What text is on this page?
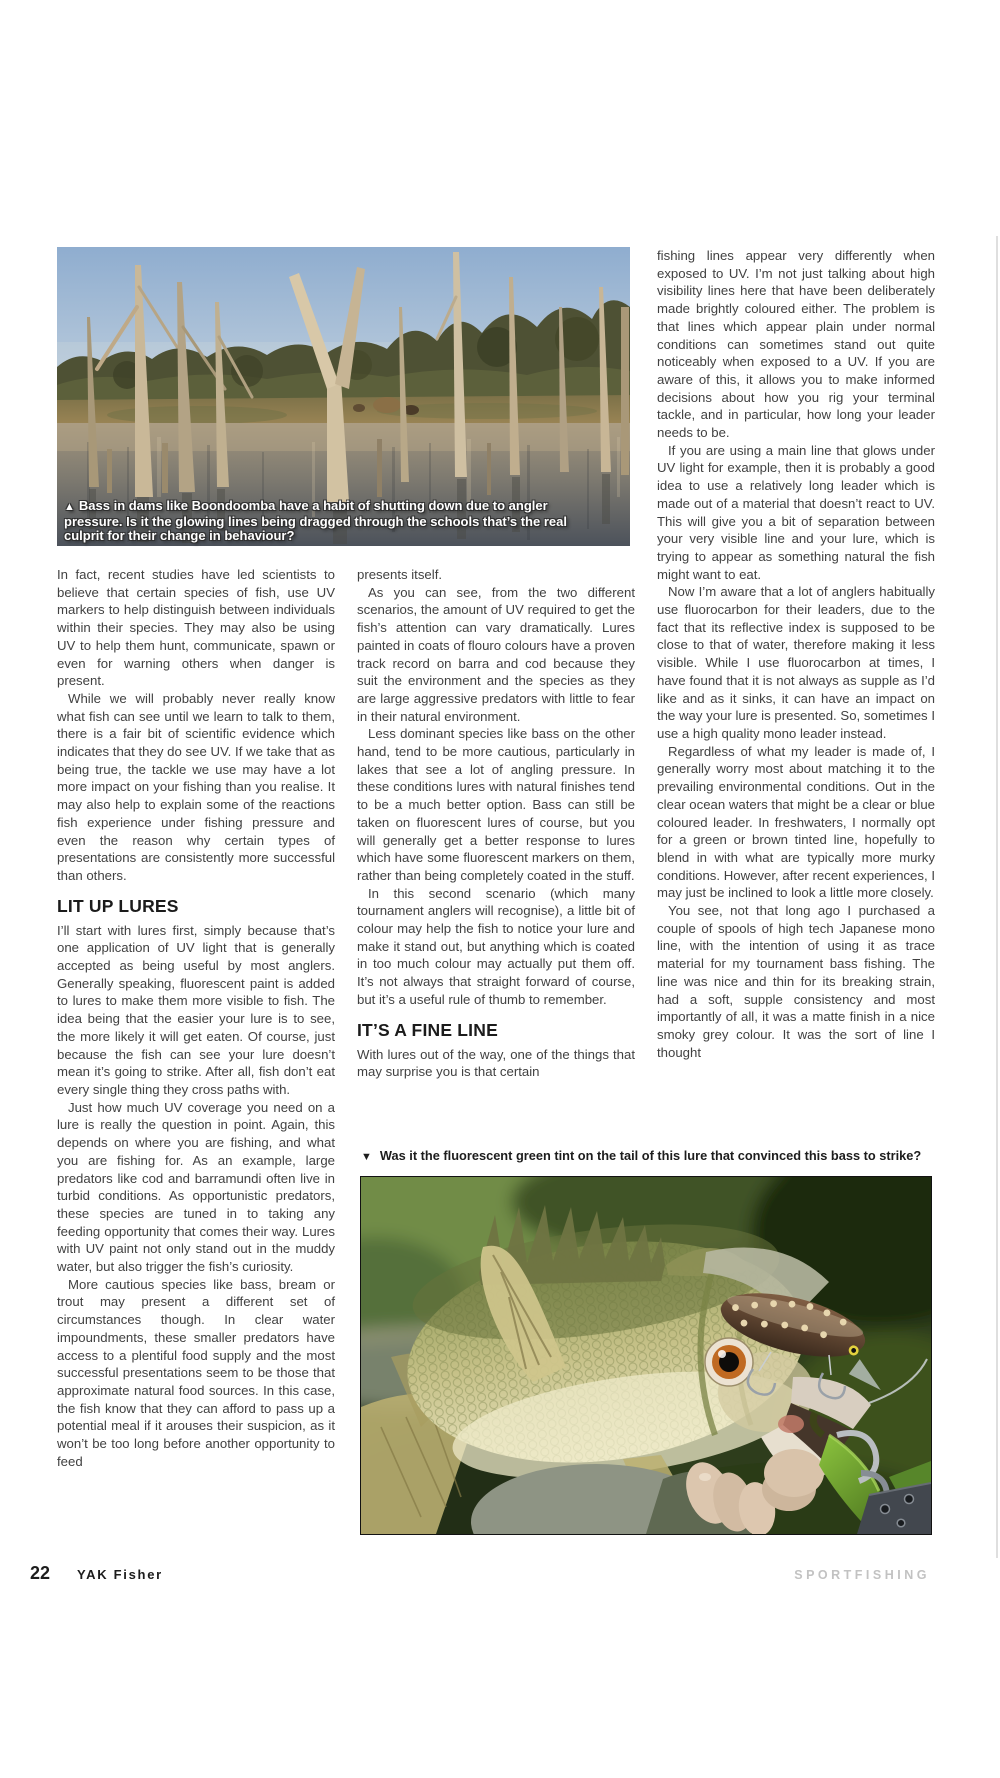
▲ Bass in dams like Boondoomba have a habit of shutting down due to angler pressure. Is it the glowing lines being dragged through the schools that’s the real culprit for their change in behaviour?

In fact, recent studies have led scientists to believe that certain species of fish, use UV markers to help distinguish between individuals within their species. They may also be using UV to help them hunt, communicate, spawn or even for warning others when danger is present.

While we will probably never really know what fish can see until we learn to talk to them, there is a fair bit of scientific evidence which indicates that they do see UV. If we take that as being true, the tackle we use may have a lot more impact on your fishing than you realise. It may also help to explain some of the reactions fish experience under fishing pressure and even the reason why certain types of presentations are consistently more successful than others.

LIT UP LURES

I’ll start with lures first, simply because that’s one application of UV light that is generally accepted as being useful by most anglers. Generally speaking, fluorescent paint is added to lures to make them more visible to fish. The idea being that the easier your lure is to see, the more likely it will get eaten. Of course, just because the fish can see your lure doesn’t mean it’s going to strike. After all, fish don’t eat every single thing they cross paths with.

Just how much UV coverage you need on a lure is really the question in point. Again, this depends on where you are fishing, and what you are fishing for. As an example, large predators like cod and barramundi often live in turbid conditions. As opportunistic predators, these species are tuned in to taking any feeding opportunity that comes their way. Lures with UV paint not only stand out in the muddy water, but also trigger the fish’s curiosity.

More cautious species like bass, bream or trout may present a different set of circumstances though. In clear water impoundments, these smaller predators have access to a plentiful food supply and the most successful presentations seem to be those that approximate natural food sources. In this case, the fish know that they can afford to pass up a potential meal if it arouses their suspicion, as it won’t be too long before another opportunity to feed

presents itself.

As you can see, from the two different scenarios, the amount of UV required to get the fish’s attention can vary dramatically. Lures painted in coats of flouro colours have a proven track record on barra and cod because they suit the environment and the species as they are large aggressive predators with little to fear in their natural environment.

Less dominant species like bass on the other hand, tend to be more cautious, particularly in lakes that see a lot of angling pressure. In these conditions lures with natural finishes tend to be a much better option. Bass can still be taken on fluorescent lures of course, but you will generally get a better response to lures which have some fluorescent markers on them, rather than being completely coated in the stuff.

In this second scenario (which many tournament anglers will recognise), a little bit of colour may help the fish to notice your lure and make it stand out, but anything which is coated in too much colour may actually put them off. It’s not always that straight forward of course, but it’s a useful rule of thumb to remember.

IT’S A FINE LINE

With lures out of the way, one of the things that may surprise you is that certain

fishing lines appear very differently when exposed to UV. I’m not just talking about high visibility lines here that have been deliberately made brightly coloured either. The problem is that lines which appear plain under normal conditions can sometimes stand out quite noticeably when exposed to a UV. If you are aware of this, it allows you to make informed decisions about how you rig your terminal tackle, and in particular, how long your leader needs to be.

If you are using a main line that glows under UV light for example, then it is probably a good idea to use a relatively long leader which is made out of a material that doesn’t react to UV. This will give you a bit of separation between your very visible line and your lure, which is trying to appear as something natural the fish might want to eat.

Now I’m aware that a lot of anglers habitually use fluorocarbon for their leaders, due to the fact that its reflective index is supposed to be close to that of water, therefore making it less visible. While I use fluorocarbon at times, I have found that it is not always as supple as I’d like and as it sinks, it can have an impact on the way your lure is presented. So, sometimes I use a high quality mono leader instead.

Regardless of what my leader is made of, I generally worry most about matching it to the prevailing environmental conditions. Out in the clear ocean waters that might be a clear or blue coloured leader. In freshwaters, I normally opt for a green or brown tinted line, hopefully to blend in with what are typically more murky conditions. However, after recent experiences, I may just be inclined to look a little more closely.

You see, not that long ago I purchased a couple of spools of high tech Japanese mono line, with the intention of using it as trace material for my tournament bass fishing. The line was nice and thin for its breaking strain, had a soft, supple consistency and most importantly of all, it was a matte finish in a nice smoky grey colour. It was the sort of line I thought

▼ Was it the fluorescent green tint on the tail of this lure that convinced this bass to strike?
22 YAK Fisher	SPORTFISHING
